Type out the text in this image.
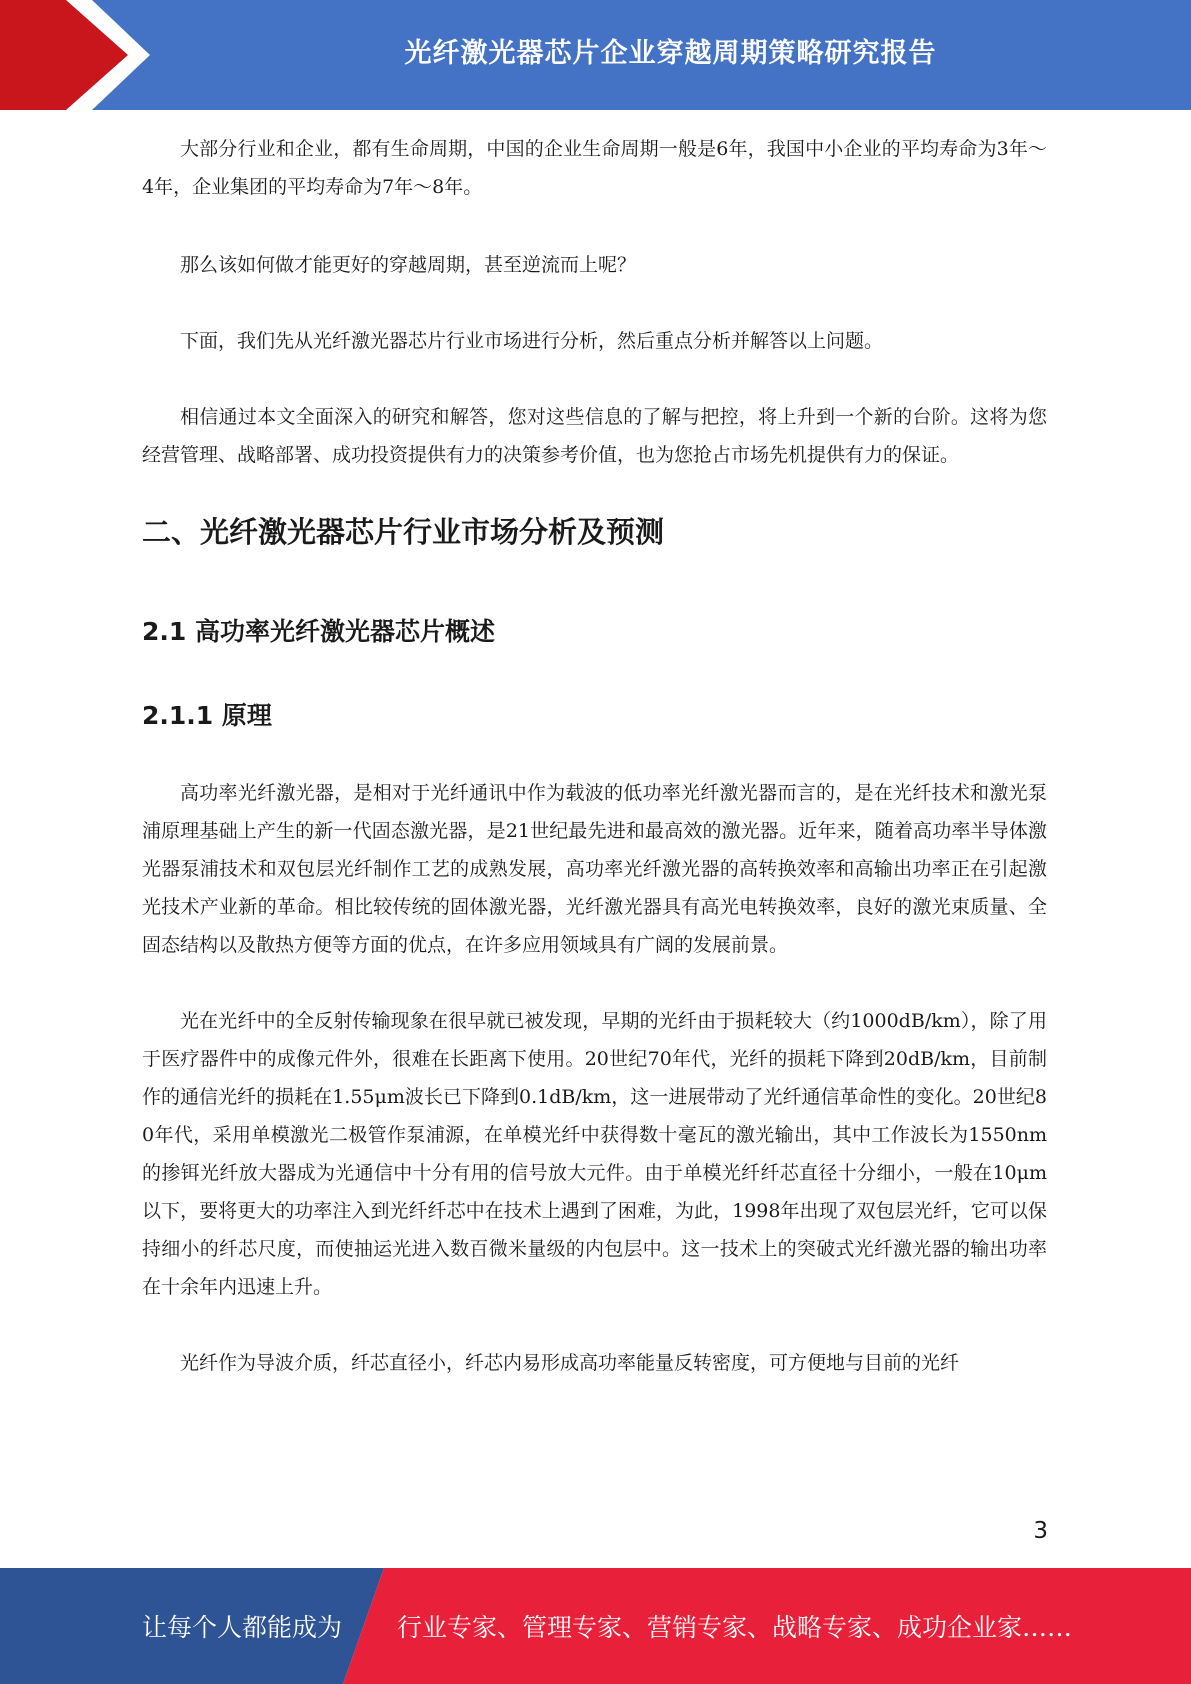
光纤激光器芯片企业穿越周期策略研究报告

大部分行业和企业，都有生命周期，中国的企业生命周期一般是6年，我国中小企业的平均寿命为3年～4年，企业集团的平均寿命为7年～8年。

那么该如何做才能更好的穿越周期，甚至逆流而上呢？

下面，我们先从光纤激光器芯片行业市场进行分析，然后重点分析并解答以上问题。

相信通过本文全面深入的研究和解答，您对这些信息的了解与把控，将上升到一个新的台阶。这将为您经营管理、战略部署、成功投资提供有力的决策参考价值，也为您抢占市场先机提供有力的保证。

二、光纤激光器芯片行业市场分析及预测
2.1 高功率光纤激光器芯片概述
2.1.1 原理

高功率光纤激光器，是相对于光纤通讯中作为载波的低功率光纤激光器而言的，是在光纤技术和激光泵浦原理基础上产生的新一代固态激光器，是21世纪最先进和最高效的激光器。近年来，随着高功率半导体激光器泵浦技术和双包层光纤制作工艺的成熟发展，高功率光纤激光器的高转换效率和高输出功率正在引起激光技术产业新的革命。相比较传统的固体激光器，光纤激光器具有高光电转换效率，良好的激光束质量、全固态结构以及散热方便等方面的优点，在许多应用领域具有广阔的发展前景。

光在光纤中的全反射传输现象在很早就已被发现，早期的光纤由于损耗较大（约1000dB/km），除了用于医疗器件中的成像元件外，很难在长距离下使用。20世纪70年代，光纤的损耗下降到20dB/km，目前制作的通信光纤的损耗在1.55μm波长已下降到0.1dB/km，这一进展带动了光纤通信革命性的变化。20世纪80年代，采用单模激光二极管作泵浦源，在单模光纤中获得数十毫瓦的激光输出，其中工作波长为1550nm的掺铒光纤放大器成为光通信中十分有用的信号放大元件。由于单模光纤纤芯直径十分细小，一般在10μm以下，要将更大的功率注入到光纤纤芯中在技术上遇到了困难，为此，1998年出现了双包层光纤，它可以保持细小的纤芯尺度，而使抽运光进入数百微米量级的内包层中。这一技术上的突破式光纤激光器的输出功率在十余年内迅速上升。

光纤作为导波介质，纤芯直径小，纤芯内易形成高功率能量反转密度，可方便地与目前的光纤

3
让每个人都能成为 行业专家、管理专家、营销专家、战略专家、成功企业家……
